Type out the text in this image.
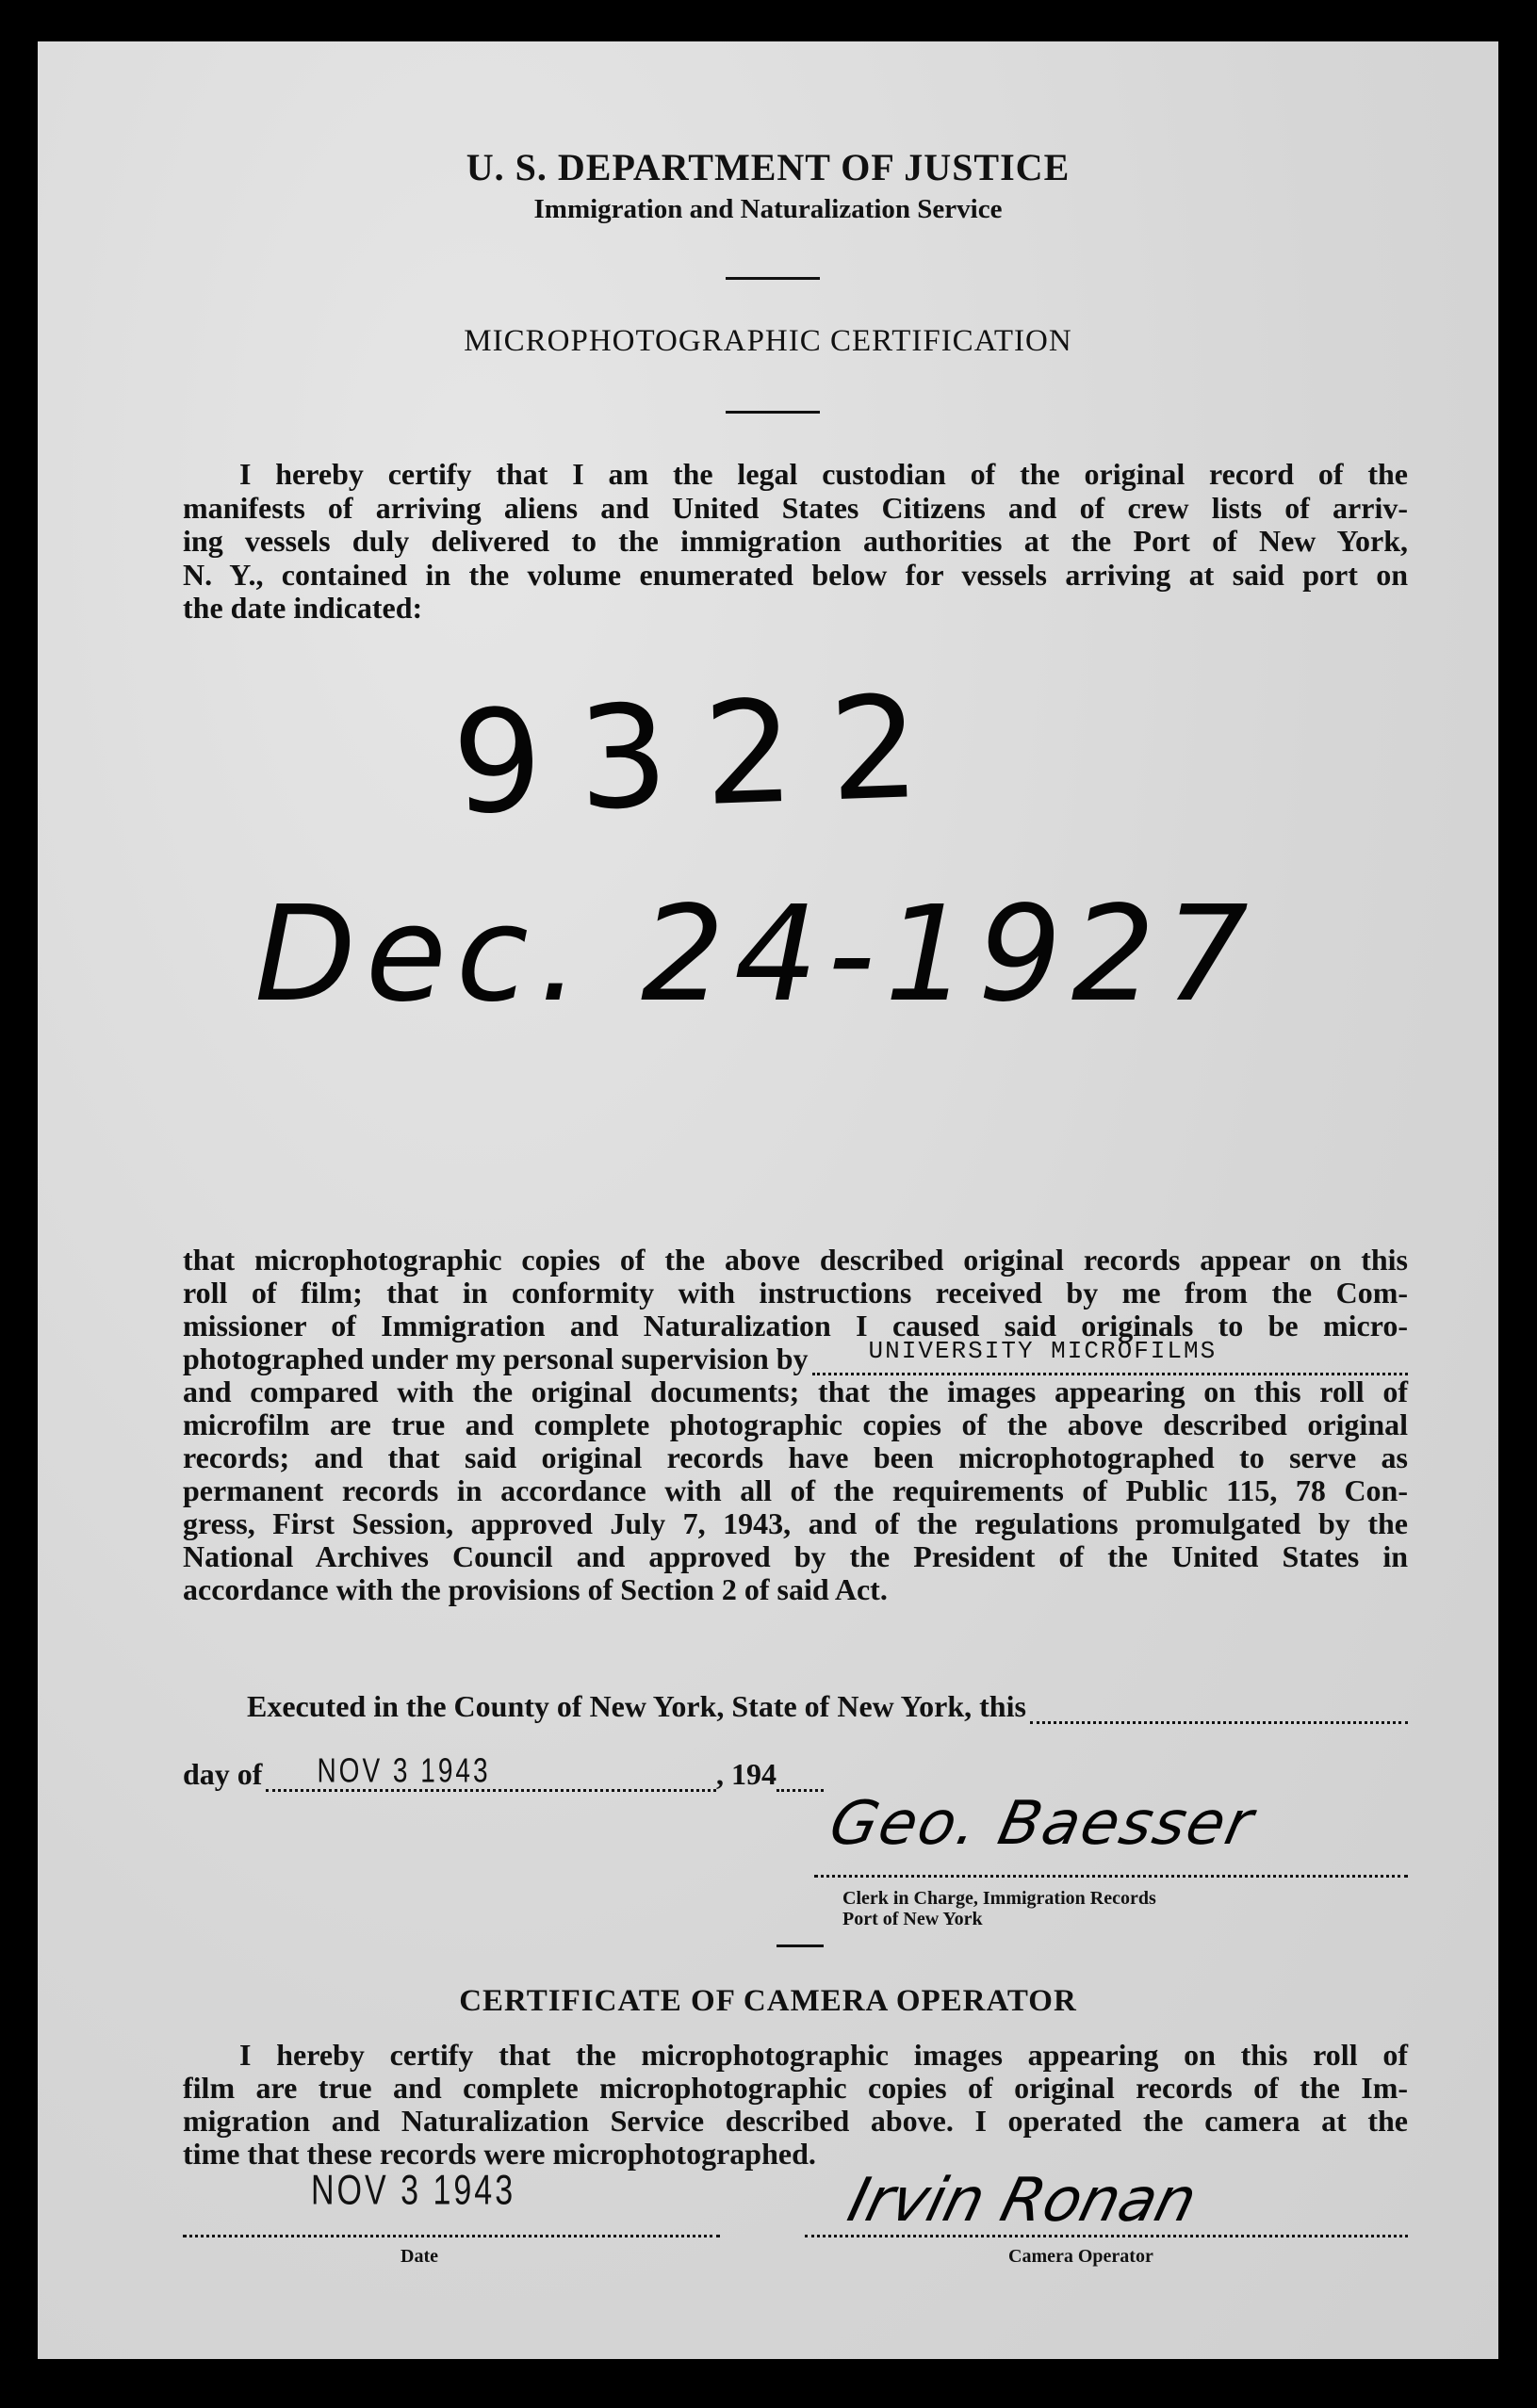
U. S. DEPARTMENT OF JUSTICE
Immigration and Naturalization Service
MICROPHOTOGRAPHIC CERTIFICATION
I hereby certify that I am the legal custodian of the original record of the
manifests of arriving aliens and United States Citizens and of crew lists of arriv-
ing vessels duly delivered to the immigration authorities at the Port of New York,
N. Y., contained in the volume enumerated below for vessels arriving at said port on
the date indicated:
9322
Dec. 24-1927
that microphotographic copies of the above described original records appear on this
roll of film; that in conformity with instructions received by me from the Com-
missioner of Immigration and Naturalization I caused said originals to be micro-
photographed under my personal supervision by UNIVERSITY MICROFILMS
and compared with the original documents; that the images appearing on this roll of
microfilm are true and complete photographic copies of the above described original
records; and that said original records have been microphotographed to serve as
permanent records in accordance with all of the requirements of Public 115, 78 Con-
gress, First Session, approved July 7, 1943, and of the regulations promulgated by the
National Archives Council and approved by the President of the United States in
accordance with the provisions of Section 2 of said Act.
Executed in the County of New York, State of New York, this
day of NOV 3 1943	, 194
Geo. Baesser
Clerk in Charge, Immigration Records
Port of New York
CERTIFICATE OF CAMERA OPERATOR
I hereby certify that the microphotographic images appearing on this roll of
film are true and complete microphotographic copies of original records of the Im-
migration and Naturalization Service described above. I operated the camera at the
time that these records were microphotographed.
NOV 3 1943
Date
Irvin Ronan
Camera Operator
